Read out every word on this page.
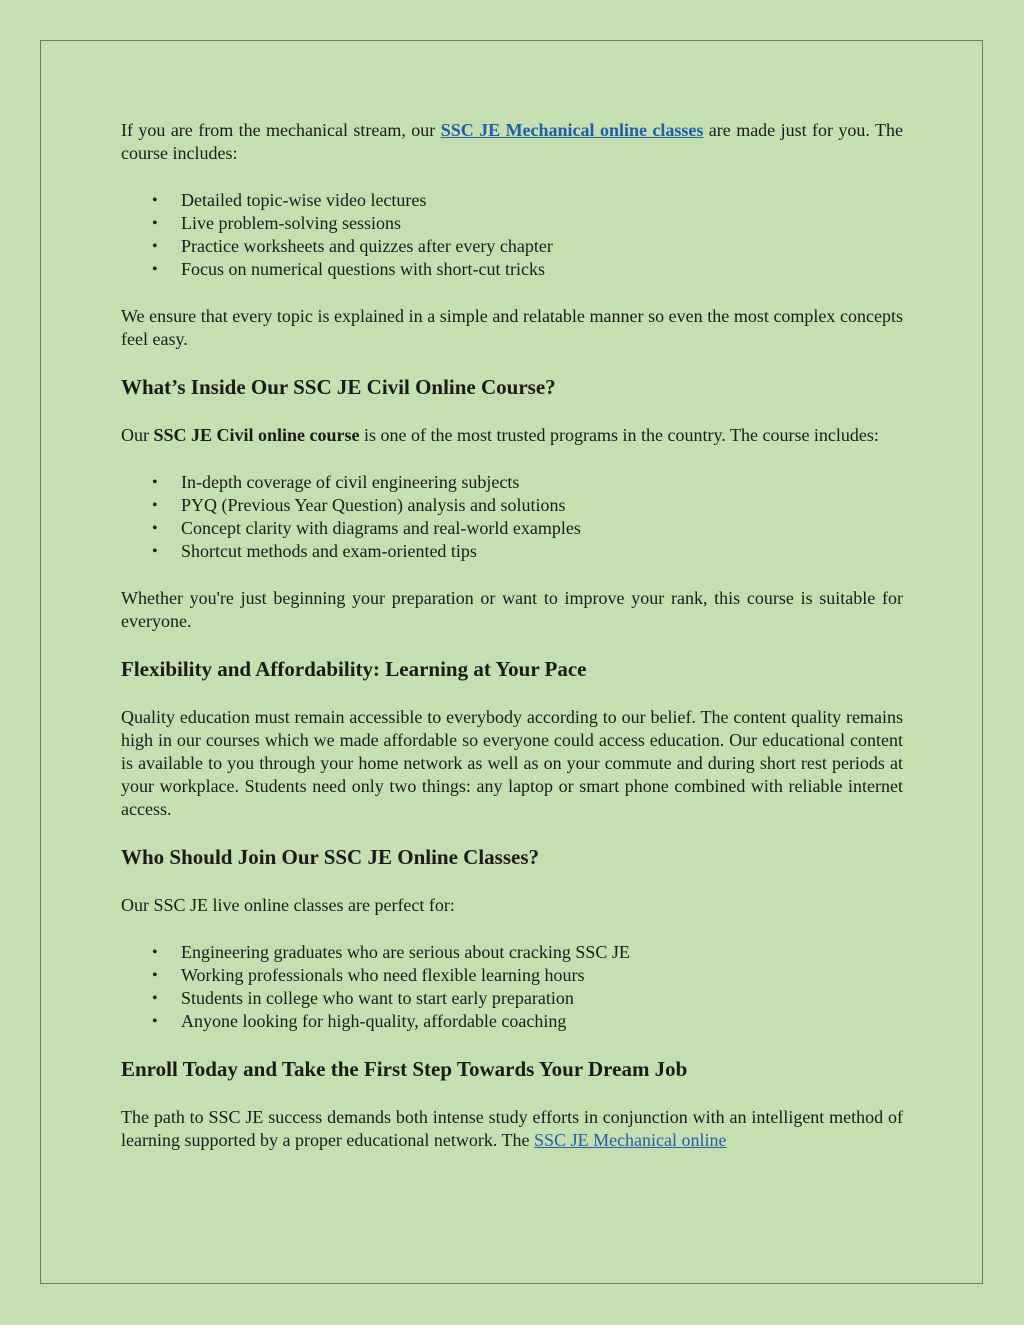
If you are from the mechanical stream, our SSC JE Mechanical online classes are made just for you. The course includes:

• Detailed topic-wise video lectures
• Live problem-solving sessions
• Practice worksheets and quizzes after every chapter
• Focus on numerical questions with short-cut tricks

We ensure that every topic is explained in a simple and relatable manner so even the most complex concepts feel easy.

What’s Inside Our SSC JE Civil Online Course?

Our SSC JE Civil online course is one of the most trusted programs in the country. The course includes:

• In-depth coverage of civil engineering subjects
• PYQ (Previous Year Question) analysis and solutions
• Concept clarity with diagrams and real-world examples
• Shortcut methods and exam-oriented tips

Whether you're just beginning your preparation or want to improve your rank, this course is suitable for everyone.

Flexibility and Affordability: Learning at Your Pace

Quality education must remain accessible to everybody according to our belief. The content quality remains high in our courses which we made affordable so everyone could access education. Our educational content is available to you through your home network as well as on your commute and during short rest periods at your workplace. Students need only two things: any laptop or smart phone combined with reliable internet access.

Who Should Join Our SSC JE Online Classes?

Our SSC JE live online classes are perfect for:

• Engineering graduates who are serious about cracking SSC JE
• Working professionals who need flexible learning hours
• Students in college who want to start early preparation
• Anyone looking for high-quality, affordable coaching
Enroll Today and Take the First Step Towards Your Dream Job

The path to SSC JE success demands both intense study efforts in conjunction with an intelligent method of learning supported by a proper educational network. The SSC JE Mechanical online
